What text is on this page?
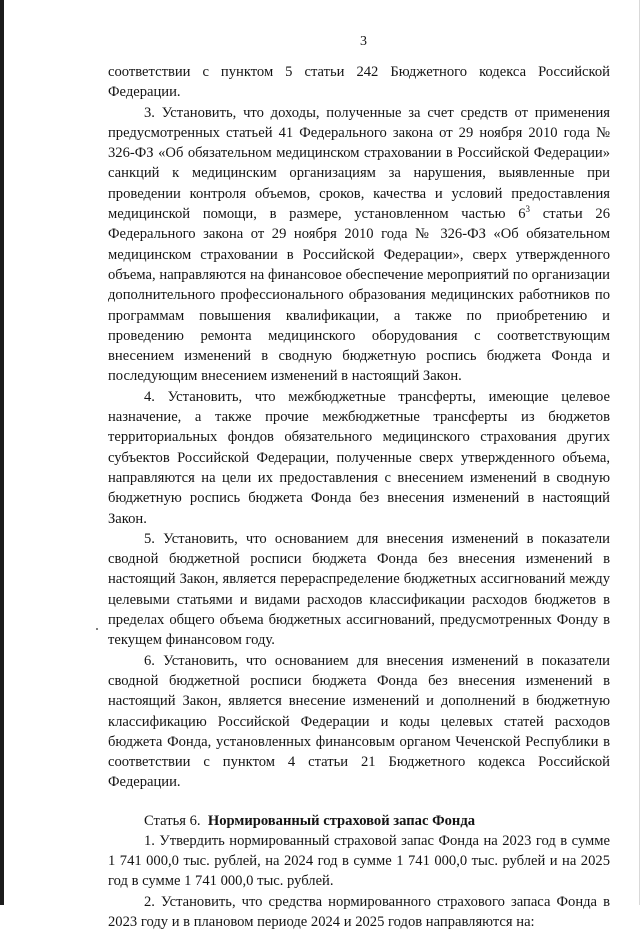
3

соответствии с пунктом 5 статьи 242 Бюджетного кодекса Российской Федерации.

3. Установить, что доходы, полученные за счет средств от применения предусмотренных статьей 41 Федерального закона от 29 ноября 2010 года № 326-ФЗ «Об обязательном медицинском страховании в Российской Федерации» санкций к медицинским организациям за нарушения, выявленные при проведении контроля объемов, сроков, качества и условий предоставления медицинской помощи, в размере, установленном частью $6^3$ статьи 26 Федерального закона от 29 ноября 2010 года № 326-ФЗ «Об обязательном медицинском страховании в Российской Федерации», сверх утвержденного объема, направляются на финансовое обеспечение мероприятий по организации дополнительного профессионального образования медицинских работников по программам повышения квалификации, а также по приобретению и проведению ремонта медицинского оборудования с соответствующим внесением изменений в сводную бюджетную роспись бюджета Фонда и последующим внесением изменений в настоящий Закон.

4. Установить, что межбюджетные трансферты, имеющие целевое назначение, а также прочие межбюджетные трансферты из бюджетов территориальных фондов обязательного медицинского страхования других субъектов Российской Федерации, полученные сверх утвержденного объема, направляются на цели их предоставления с внесением изменений в сводную бюджетную роспись бюджета Фонда без внесения изменений в настоящий Закон.

5. Установить, что основанием для внесения изменений в показатели сводной бюджетной росписи бюджета Фонда без внесения изменений в настоящий Закон, является перераспределение бюджетных ассигнований между целевыми статьями и видами расходов классификации расходов бюджетов в пределах общего объема бюджетных ассигнований, предусмотренных Фонду в текущем финансовом году.

6. Установить, что основанием для внесения изменений в показатели сводной бюджетной росписи бюджета Фонда без внесения изменений в настоящий Закон, является внесение изменений и дополнений в бюджетную классификацию Российской Федерации и коды целевых статей расходов бюджета Фонда, установленных финансовым органом Чеченской Республики в соответствии с пунктом 4 статьи 21 Бюджетного кодекса Российской Федерации.

Статья 6. Нормированный страховой запас Фонда

1. Утвердить нормированный страховой запас Фонда на 2023 год в сумме 1 741 000,0 тыс. рублей, на 2024 год в сумме 1 741 000,0 тыс. рублей и на 2025 год в сумме 1 741 000,0 тыс. рублей.

2. Установить, что средства нормированного страхового запаса Фонда в 2023 году и в плановом периоде 2024 и 2025 годов направляются на:
